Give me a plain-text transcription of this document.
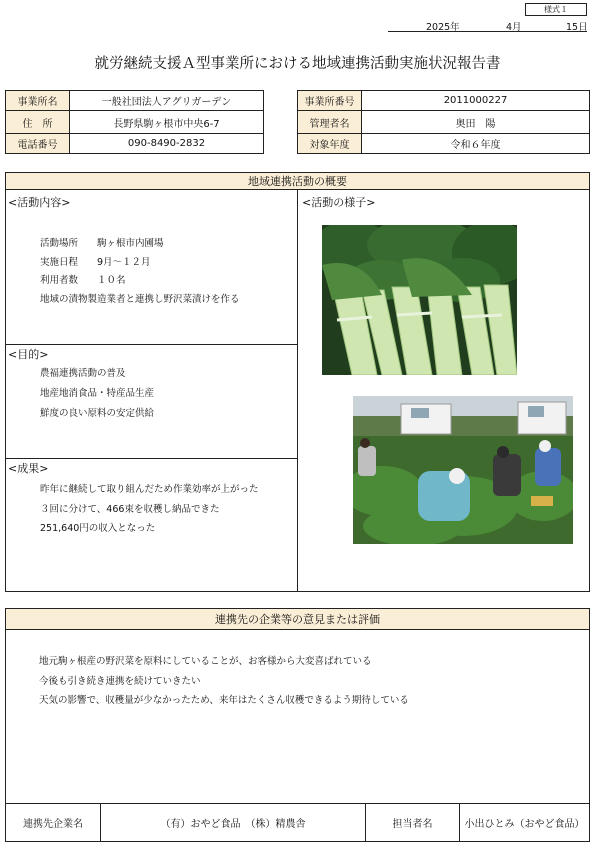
様式１
2025年	4月	15日
就労継続支援Ａ型事業所における地域連携活動実施状況報告書
事業所名	一般社団法人アグリガーデン
住　所	長野県駒ヶ根市中央6-7
電話番号	090-8490-2832
事業所番号	2011000227
管理者名	奥田　陽
対象年度	令和６年度
地域連携活動の概要
<活動内容>
活動場所　　駒ヶ根市内圃場
実施日程　　9月～１２月
利用者数　　１０名
地域の漬物製造業者と連携し野沢菜漬けを作る
<目的>
農福連携活動の普及
地産地消食品・特産品生産
鮮度の良い原料の安定供給
<成果>
昨年に継続して取り組んだため作業効率が上がった
３回に分けて、466束を収穫し納品できた
251,640円の収入となった
<活動の様子>
連携先の企業等の意見または評価
地元駒ヶ根産の野沢菜を原料にしていることが、お客様から大変喜ばれている
今後も引き続き連携を続けていきたい
天気の影響で、収穫量が少なかったため、来年はたくさん収穫できるよう期待している
連携先企業名	（有）おやど食品　（株）精農舎	担当者名	小出ひとみ（おやど食品）
